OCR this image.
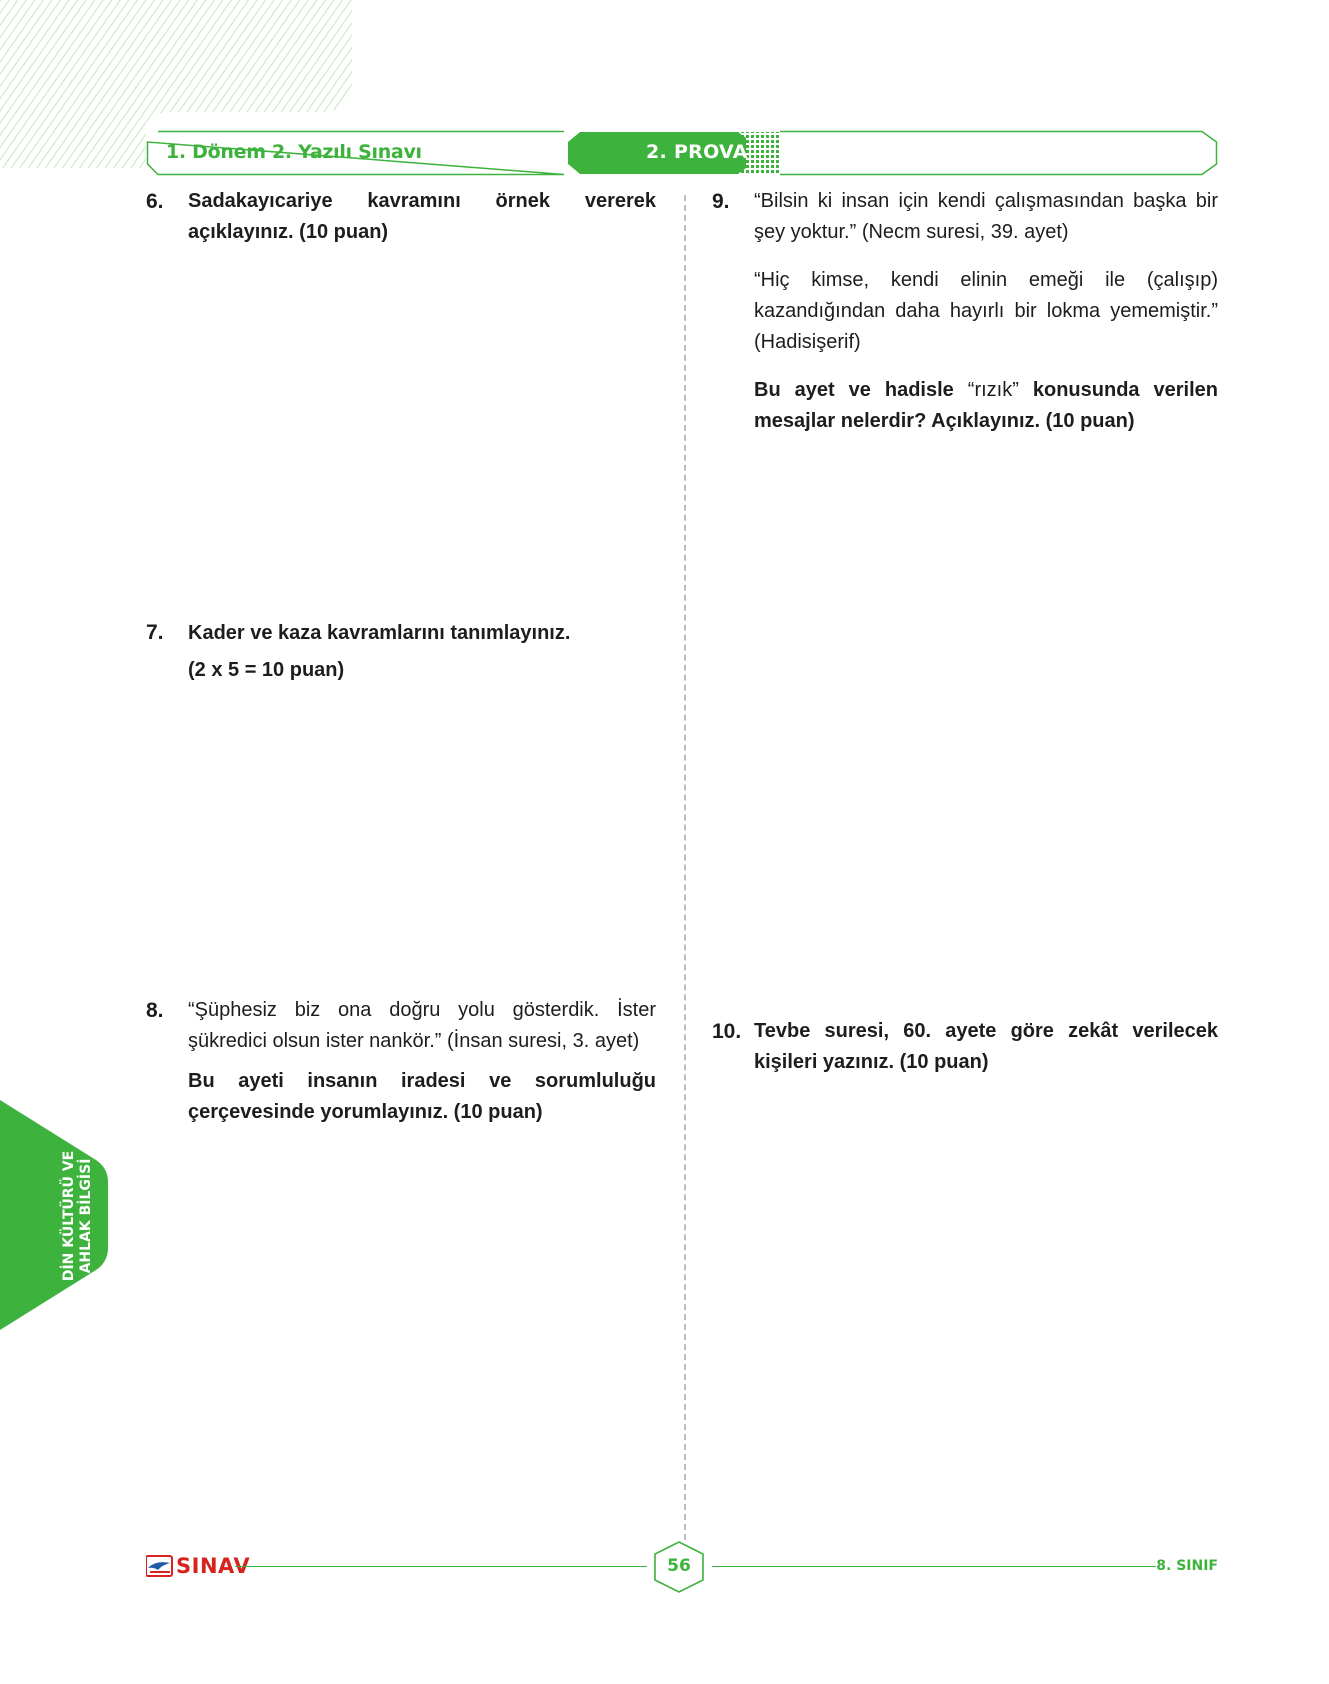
1. Dönem 2. Yazılı Sınavı	2. PROVA
6. Sadakayıcariye kavramını örnek vererek açıklayınız. (10 puan)

7. Kader ve kaza kavramlarını tanımlayınız.
(2 x 5 = 10 puan)
8. “Şüphesiz biz ona doğru yolu gösterdik. İster şükredici olsun ister nankör.” (İnsan suresi, 3. ayet)

Bu ayeti insanın iradesi ve sorumluluğu çerçevesinde yorumlayınız. (10 puan)

9. “Bilsin ki insan için kendi çalışmasından başka bir şey yoktur.” (Necm suresi, 39. ayet)

“Hiç kimse, kendi elinin emeği ile (çalışıp) kazandığından daha hayırlı bir lokma yememiştir.” (Hadisişerif)

Bu ayet ve hadisle “rızık” konusunda verilen mesajlar nelerdir? Açıklayınız. (10 puan)

10. Tevbe suresi, 60. ayete göre zekât verilecek kişileri yazınız. (10 puan)

DİN KÜLTÜRÜ VE AHLAK BİLGİSİ
SINAV	56	8. SINIF
